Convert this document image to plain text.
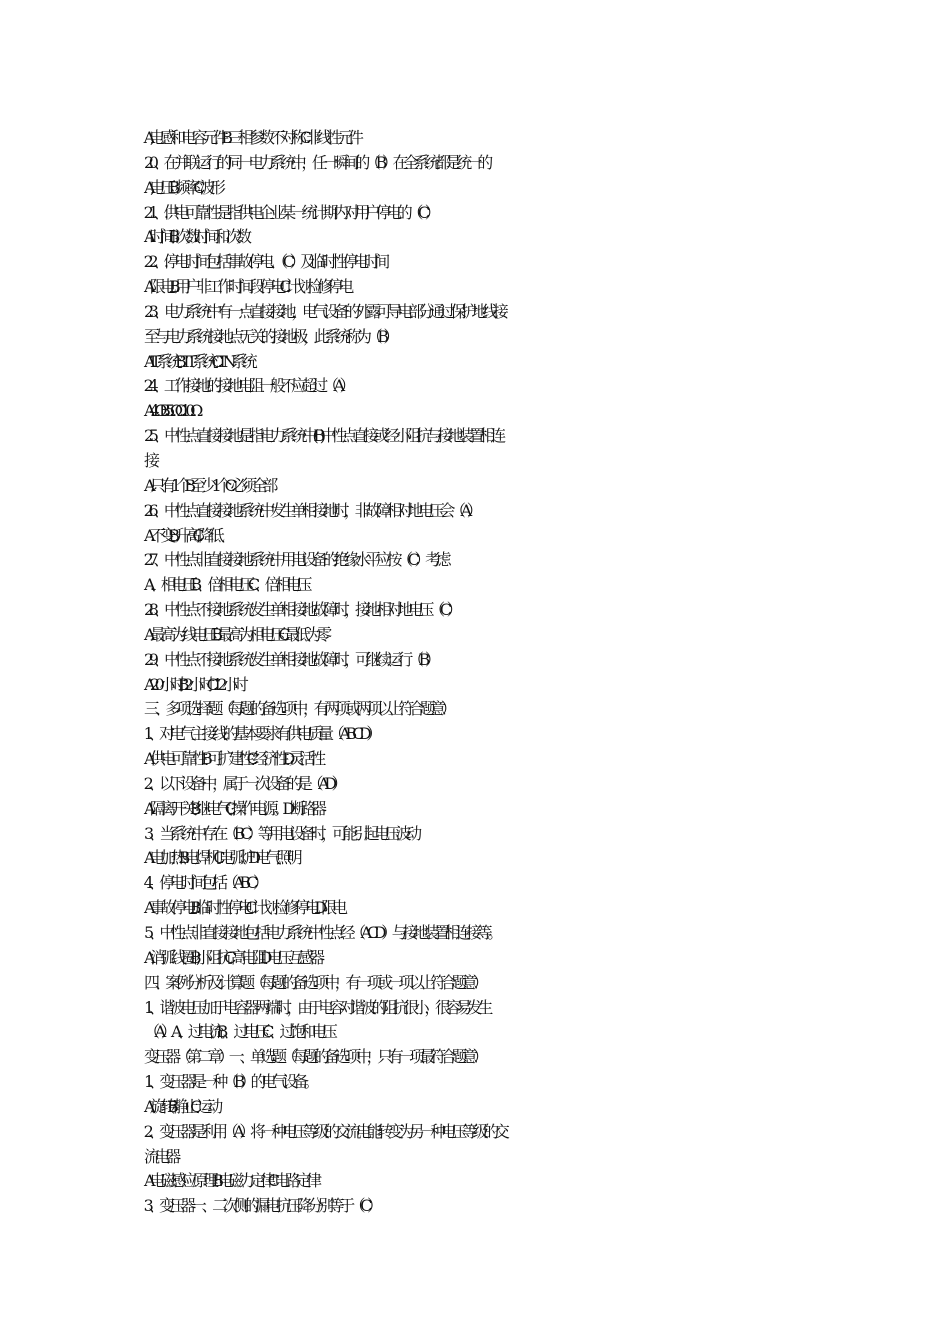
A, 电感和电容元件       B.三相参数不对称      C.非线性元件
20、  在并联运行的同一电力系统中，任一瞬间的（B）在全系统都是统一的
A, 电压       B.频率        C.波形
21、.供电可靠性是指供电企业某一统计期内对用户停电的（C）
A. 时间       B.次数      .时间和次数
22、.停电时间包括事故停电、（C）及临时性停电时间
A.限电       B.用户非工作时间段停电     C.计划检修停电
23、电力系统中有一点直接接地，电气设备的外露可导电部分通过保护地线接
至与电力系统接地点无关的接地极，此系统称为（B）
A IT系统       B.TT系统      C.TN系统
24、工作接地的接地电阻一般不应超过（A）
A. 4Ω          B.5Ω          C.10Ω
25、中性点直接接地是指电力系统中(B)中性点直接或经小阻抗与接地装置相连
接
A.只有1个       B.至少1个       C.必须全部
26、中性点直接接地系统中发生单相接地时，非故障相对地电压会（A）
A.不变         B.升高          C.降低
27、中性点非直接接地系统中用电设备的绝缘水平应按（C）考虑
A、相电压       B、倍相电压      C 、 倍相电压
28、中性点不接地系统发生单相接地故障时，接地相对地电压（C）
A.最高为线电压       B.最高为相电压        C.最低为零
29、中性点不接地系统发生单相接地故障时，可继续运行（B）
A 20小时         B. 2小时         C.12小时
三、多项选择题（每题的备选项中，有两项或两项以上符合题意）
1、对电气主接线的基本要求有供电质量（ABCD）
A 供电可靠性      B 可扩建性         C.经济性      D.灵活性
2、以下设备中，属于一次设备的是（AD）
A.隔离开关        B. 继电气        C .操作电源。     D断路器
3、当系统中存在（BC）等用电设备时，可能引起电压波动
A. 电加热         B. 电焊机         C. 电弧炉        D .电气照明
4、停电时间包括（ABC）
A 事故停电        B. 临时性停电          C 计划检修停电    D 限电
5、中性点非直接接地包括电力系统中性点经（ACD）与接地装置相连接等。
A 消弧线圈        B, 小阻抗          C 高电阻         D 电压互感器
四、案例分析及计算题（每题的备选项中，有一项或一项以上符合题意）
1、谐波电压加于电容器两端时，由于电容对谐波的阻抗很小，很容易发生
（A） A、过电流          B、过电压          C、过饱和电压
变压器（第二章）一、单选题（每题的备选项中，只有一项最符合题意）
1、变压器是一种（B）的电气设备。
A 旋转             B 静止             C 运动
2、变压器是利用（A）将一种电压等级的交流电能转变为另一种电压等级的交
流电器
A 电磁感应原理    B. 电磁力定律          C 电路定律
3、变压器一、二次侧的漏电抗压降分别等于 （C）
